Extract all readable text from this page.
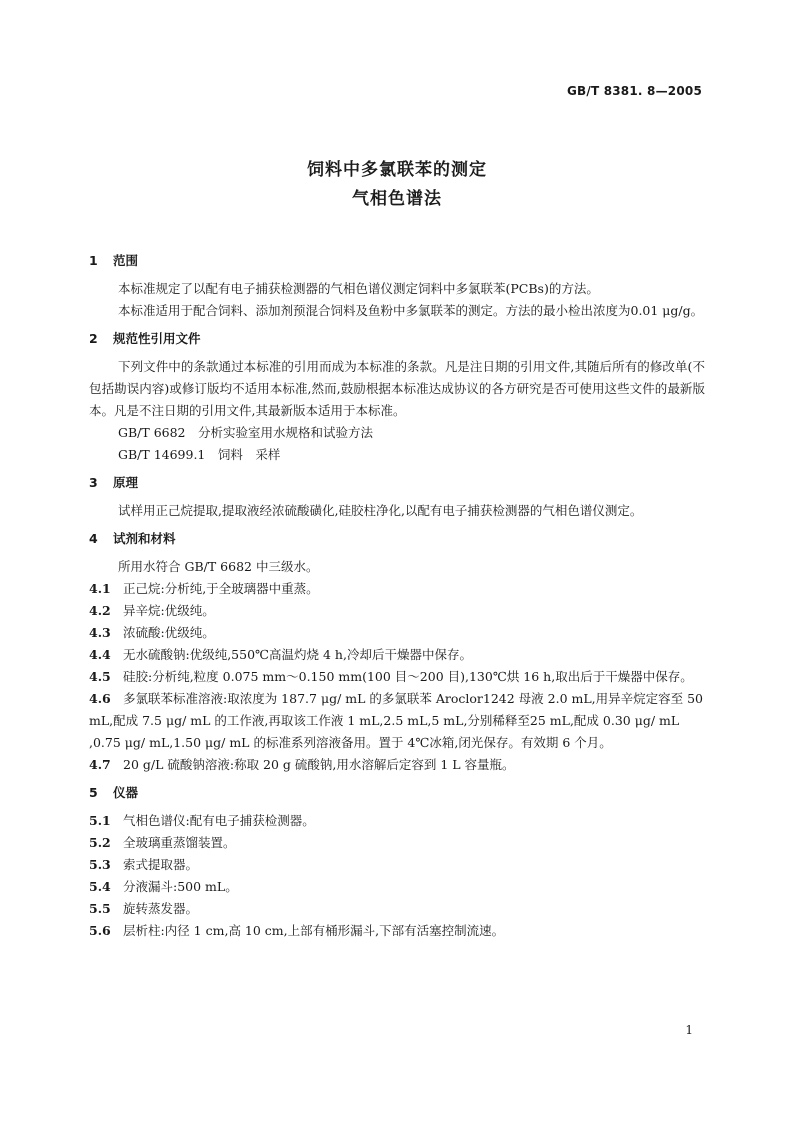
GB/T 8381. 8—2005
饲料中多氯联苯的测定
气相色谱法
1 范围

本标准规定了以配有电子捕获检测器的气相色谱仪测定饲料中多氯联苯(PCBs)的方法。

本标准适用于配合饲料、添加剂预混合饲料及鱼粉中多氯联苯的测定。方法的最小检出浓度为0.01 μg/g。

2 规范性引用文件

下列文件中的条款通过本标准的引用而成为本标准的条款。凡是注日期的引用文件,其随后所有的修改单(不包括勘误内容)或修订版均不适用本标准,然而,鼓励根据本标准达成协议的各方研究是否可使用这些文件的最新版本。凡是不注日期的引用文件,其最新版本适用于本标准。

GB/T 6682　分析实验室用水规格和试验方法

GB/T 14699.1　饲料　采样

3 原理

试样用正己烷提取,提取液经浓硫酸磺化,硅胶柱净化,以配有电子捕获检测器的气相色谱仪测定。

4 试剂和材料

所用水符合 GB/T 6682 中三级水。

4.1 正己烷:分析纯,于全玻璃器中重蒸。

4.2 异辛烷:优级纯。

4.3 浓硫酸:优级纯。

4.4 无水硫酸钠:优级纯,550℃高温灼烧 4 h,冷却后干燥器中保存。

4.5 硅胶:分析纯,粒度 0.075 mm～0.150 mm(100 目～200 目),130℃烘 16 h,取出后于干燥器中保存。

4.6 多氯联苯标准溶液:取浓度为 187.7 μg/ mL 的多氯联苯 Aroclor1242 母液 2.0 mL,用异辛烷定容至 50 mL,配成 7.5 μg/ mL 的工作液,再取该工作液 1 mL,2.5 mL,5 mL,分别稀释至25 mL,配成 0.30 μg/ mL ,0.75 μg/ mL,1.50 μg/ mL 的标准系列溶液备用。置于 4℃冰箱,闭光保存。有效期 6 个月。

4.7 20 g/L 硫酸钠溶液:称取 20 g 硫酸钠,用水溶解后定容到 1 L 容量瓶。

5 仪器

5.1 气相色谱仪:配有电子捕获检测器。

5.2 全玻璃重蒸馏装置。

5.3 索式提取器。

5.4 分液漏斗:500 mL。

5.5 旋转蒸发器。

5.6 层析柱:内径 1 cm,高 10 cm,上部有桶形漏斗,下部有活塞控制流速。

1
